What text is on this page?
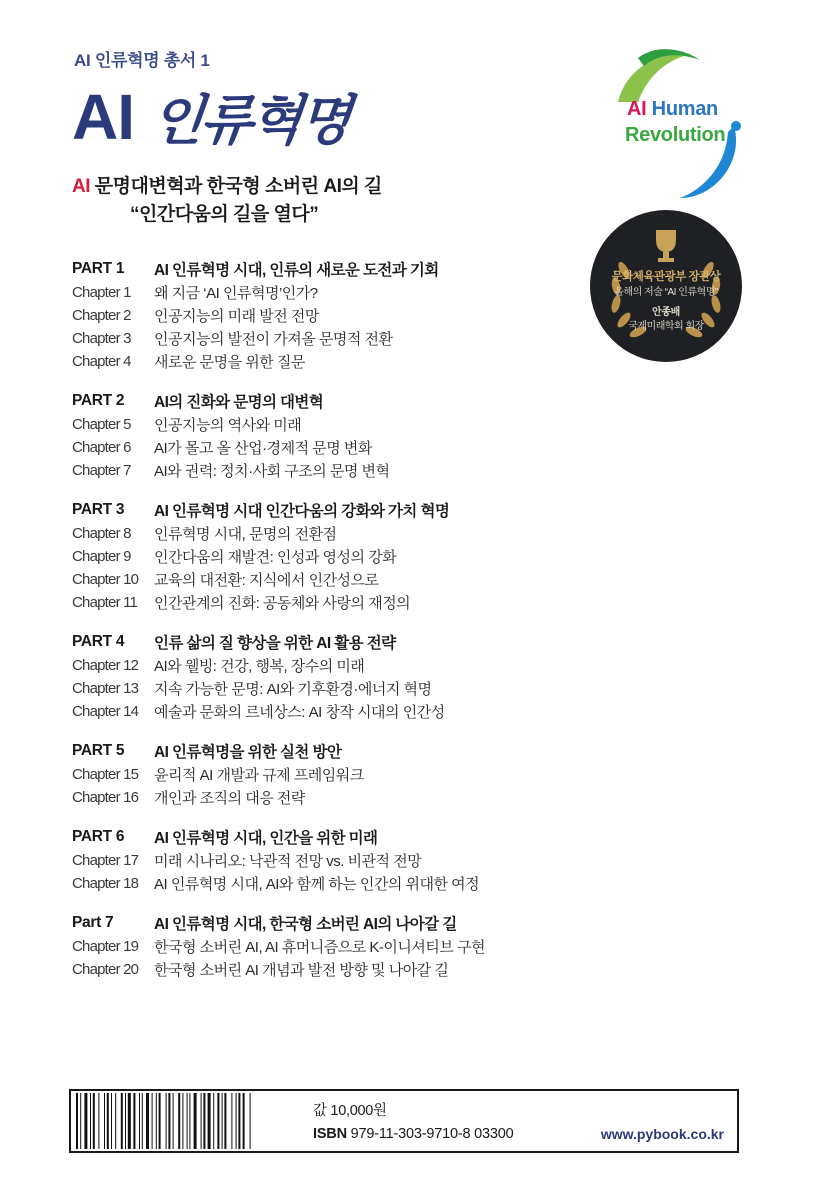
AI 인류혁명 총서 1
AI 인류혁명
AI 문명대변혁과 한국형 소버린 AI의 길
“인간다움의 길을 열다”
AI Human
Revolution
문화체육관광부 장관상
올해의 저술 “AI 인류혁명”
안종배
국제미래학회 회장
PART 1	AI 인류혁명 시대, 인류의 새로운 도전과 기회
Chapter 1	왜 지금 ‘AI 인류혁명’인가?
Chapter 2	인공지능의 미래 발전 전망
Chapter 3	인공지능의 발전이 가져올 문명적 전환
Chapter 4	새로운 문명을 위한 질문
PART 2	AI의 진화와 문명의 대변혁
Chapter 5	인공지능의 역사와 미래
Chapter 6	AI가 몰고 올 산업·경제적 문명 변화
Chapter 7	AI와 권력: 정치·사회 구조의 문명 변혁
PART 3	AI 인류혁명 시대 인간다움의 강화와 가치 혁명
Chapter 8	인류혁명 시대, 문명의 전환점
Chapter 9	인간다움의 재발견: 인성과 영성의 강화
Chapter 10	교육의 대전환: 지식에서 인간성으로
Chapter 11	인간관계의 진화: 공동체와 사랑의 재정의
PART 4	인류 삶의 질 향상을 위한 AI 활용 전략
Chapter 12	AI와 웰빙: 건강, 행복, 장수의 미래
Chapter 13	지속 가능한 문명: AI와 기후환경·에너지 혁명
Chapter 14	예술과 문화의 르네상스: AI 창작 시대의 인간성
PART 5	AI 인류혁명을 위한 실천 방안
Chapter 15	윤리적 AI 개발과 규제 프레임워크
Chapter 16	개인과 조직의 대응 전략
PART 6	AI 인류혁명 시대, 인간을 위한 미래
Chapter 17	미래 시나리오: 낙관적 전망 vs. 비관적 전망
Chapter 18	AI 인류혁명 시대, AI와 함께 하는 인간의 위대한 여정
Part 7	AI 인류혁명 시대, 한국형 소버린 AI의 나아갈 길
Chapter 19	한국형 소버린 AI, AI 휴머니즘으로 K-이니셔티브 구현
Chapter 20	한국형 소버린 AI 개념과 발전 방향 및 나아갈 길
값 10,000원
ISBN 979-11-303-9710-8 03300	www.pybook.co.kr
